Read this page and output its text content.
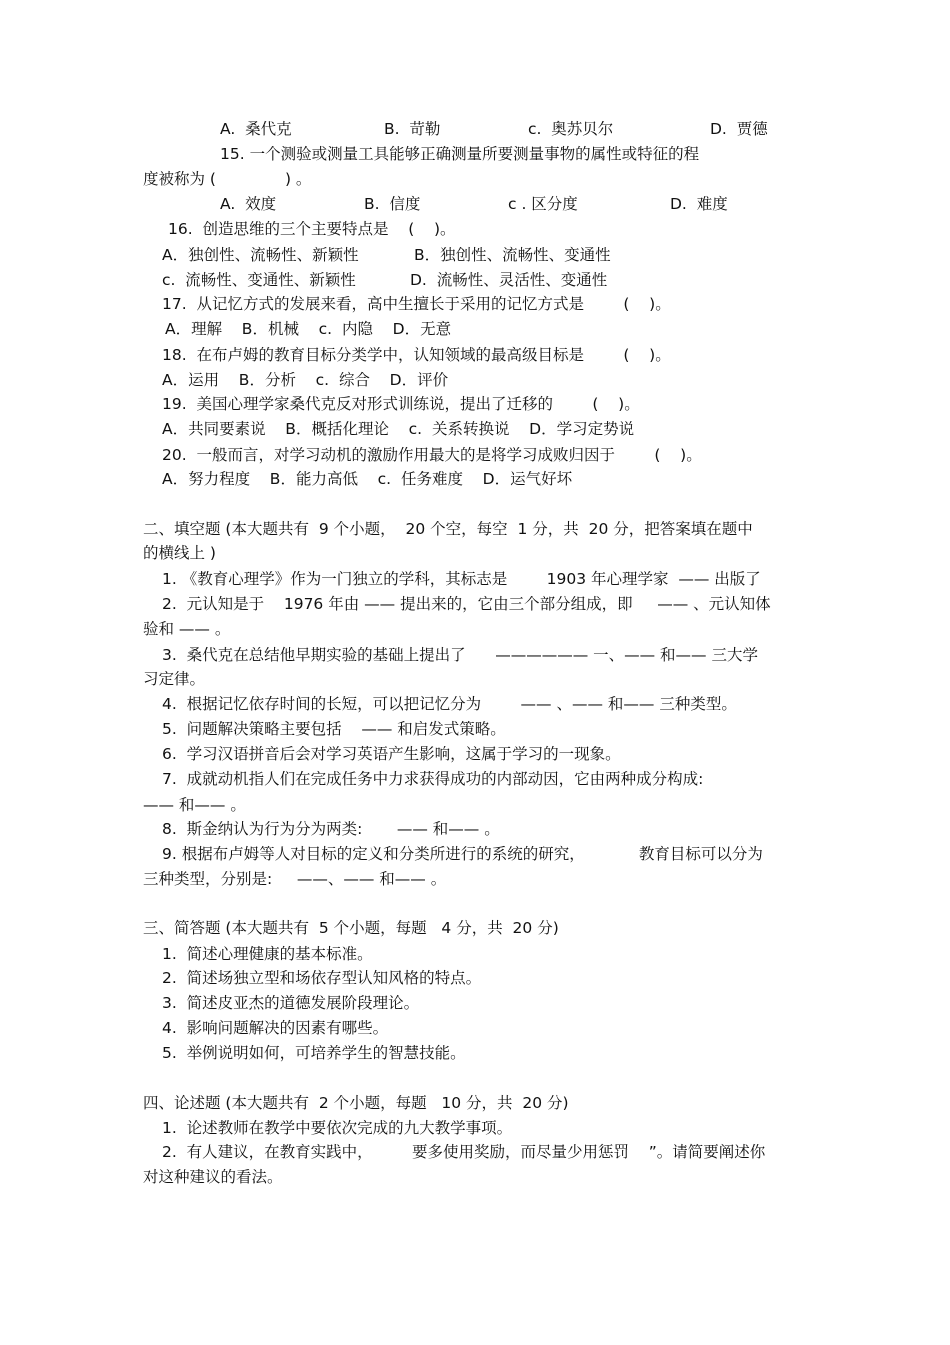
A.  桑代克	B.  苛勒	c.  奥苏贝尔	D.  贾德
15. 一个测验或测量工具能够正确测量所要测量事物的属性或特征的程
度被称为 (              ) 。
A.  效度	B.  信度	c . 区分度	D.  难度
16.  创造思维的三个主要特点是    (    )。
A．独创性、流畅性、新颖性	B．独创性、流畅性、变通性
c.  流畅性、变通性、新颖性	D.  流畅性、灵活性、变通性
17.  从记忆方式的发展来看，高中生擅长于采用的记忆方式是        (    )。
A．理解    B．机械    c.  内隐    D．无意
18.  在布卢姆的教育目标分类学中，认知领域的最高级目标是        (    )。
A．运用    B．分析    c.  综合    D．评价
19.  美国心理学家桑代克反对形式训练说，提出了迁移的        (    )。
A．共同要素说    B．概括化理论    c.  关系转换说    D．学习定势说
20.  一般而言，对学习动机的激励作用最大的是将学习成败归因于        (    )。
A．努力程度    B．能力高低    c.  任务难度    D．运气好坏
二、填空题 (本大题共有  9 个小题，  20 个空，每空  1 分，共  20 分，把答案填在题中
的横线上 )
1. 《教育心理学》作为一门独立的学科，其标志是        1903 年心理学家  —— 出版了
2.  元认知是于    1976 年由 —— 提出来的，它由三个部分组成，即     —— 、元认知体
验和 —— 。
3.  桑代克在总结他早期实验的基础上提出了      —————— 一、—— 和—— 三大学
习定律。
4.  根据记忆依存时间的长短，可以把记忆分为        —— 、—— 和—— 三种类型。
5.  问题解决策略主要包括    —— 和启发式策略。
6.  学习汉语拼音后会对学习英语产生影响，这属于学习的一现象。
7.  成就动机指人们在完成任务中力求获得成功的内部动因，它由两种成分构成:
—— 和—— 。
8.  斯金纳认为行为分为两类:       —— 和—— 。
9. 根据布卢姆等人对目标的定义和分类所进行的系统的研究，           教育目标可以分为
三种类型，分别是:     ——、—— 和—— 。
三、简答题 (本大题共有  5 个小题，每题   4 分，共  20 分)
1.  简述心理健康的基本标准。
2.  简述场独立型和场依存型认知风格的特点。
3.  简述皮亚杰的道德发展阶段理论。
4.  影响问题解决的因素有哪些。
5.  举例说明如何，可培养学生的智慧技能。
四、论述题 (本大题共有  2 个小题，每题   10 分，共  20 分)
1.  论述教师在教学中要依次完成的九大教学事项。
2.  有人建议，在教育实践中，        要多使用奖励，而尽量少用惩罚    ”。请简要阐述你
对这种建议的看法。
